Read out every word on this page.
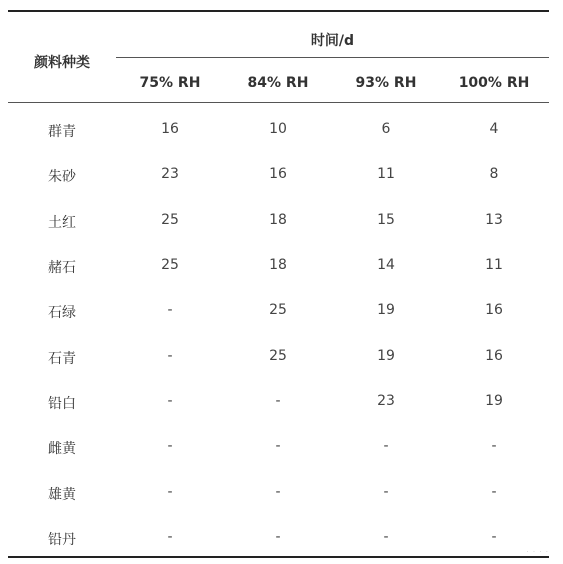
颜料种类
时间/d
75% RH	84% RH	93% RH	100% RH
群青	16	10	6	4
朱砂	23	16	11	8
土红	25	18	15	13
赭石	25	18	14	11
石绿	-	25	19	16
石青	-	25	19	16
铅白	-	-	23	19
雌黄	-	-	-	-
雄黄	-	-	-	-
铅丹	-	-	-	-
· · · ·
